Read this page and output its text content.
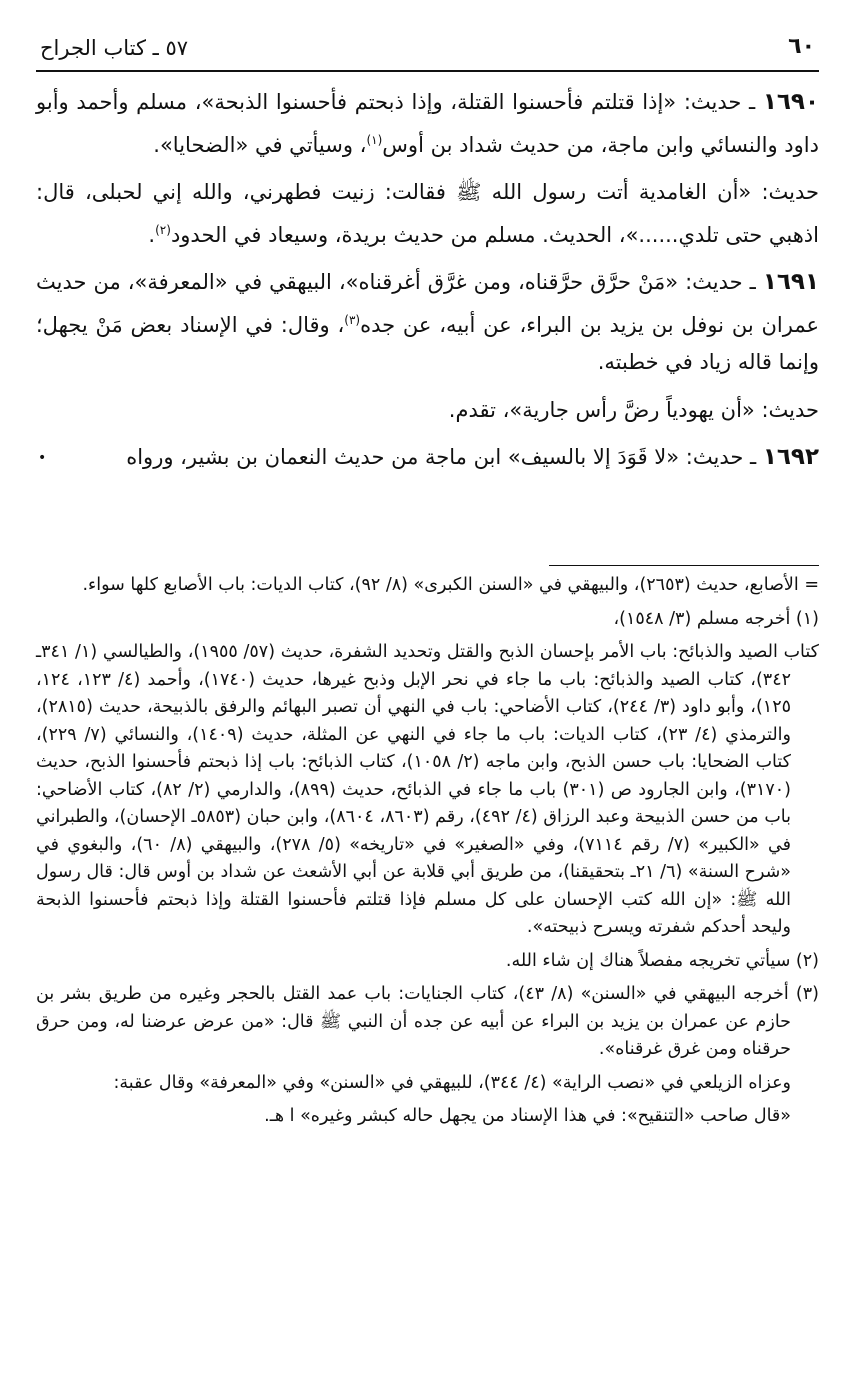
٦٠
٥٧ ـ كتاب الجراح

١٦٩٠ ـ حديث: «إذا قتلتم فأحسنوا القتلة، وإذا ذبحتم فأحسنوا الذبحة»، مسلم وأحمد وأبو داود والنسائي وابن ماجة، من حديث شداد بن أوس$^{(١)}$، وسيأتي في «الضحايا».

حديث: «أن الغامدية أتت رسول الله ﷺ فقالت: زنيت فطهرني، والله إني لحبلى، قال: اذهبي حتى تلدي......»، الحديث. مسلم من حديث بريدة، وسيعاد في الحدود$^{(٢)}$.

١٦٩١ ـ حديث: «مَنْ حرَّق حرَّقناه، ومن غرَّق أغرقناه»، البيهقي في «المعرفة»، من حديث عمران بن نوفل بن يزيد بن البراء، عن أبيه، عن جده$^{(٣)}$، وقال: في الإسناد بعض مَنْ يجهل؛ وإنما قاله زياد في خطبته.

حديث: «أن يهودياً رضَّ رأس جارية»، تقدم.

١٦٩٢ ـ حديث: «لا قَوَدَ إلا بالسيف» ابن ماجة من حديث النعمان بن بشير، ورواه

•

= الأصابع، حديث (٢٦٥٣)، والبيهقي في «السنن الكبرى» (٨/ ٩٢)، كتاب الديات: باب الأصابع كلها سواء.

(١) أخرجه مسلم (٣/ ١٥٤٨)،

كتاب الصيد والذبائح: باب الأمر بإحسان الذبح والقتل وتحديد الشفرة، حديث (٥٧/ ١٩٥٥)، والطيالسي (١/ ٣٤١ـ ٣٤٢)، كتاب الصيد والذبائح: باب ما جاء في نحر الإبل وذبح غيرها، حديث (١٧٤٠)، وأحمد (٤/ ١٢٣، ١٢٤، ١٢٥)، وأبو داود (٣/ ٢٤٤)، كتاب الأضاحي: باب في النهي أن تصبر البهائم والرفق بالذبيحة، حديث (٢٨١٥)، والترمذي (٤/ ٢٣)، كتاب الديات: باب ما جاء في النهي عن المثلة، حديث (١٤٠٩)، والنسائي (٧/ ٢٢٩)، كتاب الضحايا: باب حسن الذبح، وابن ماجه (٢/ ١٠٥٨)، كتاب الذبائح: باب إذا ذبحتم فأحسنوا الذبح، حديث (٣١٧٠)، وابن الجارود ص (٣٠١) باب ما جاء في الذبائح، حديث (٨٩٩)، والدارمي (٢/ ٨٢)، كتاب الأضاحي: باب من حسن الذبيحة وعبد الرزاق (٤/ ٤٩٢)، رقم (٨٦٠٣، ٨٦٠٤)، وابن حبان (٥٨٥٣ـ الإحسان)، والطبراني في «الكبير» (٧/ رقم ٧١١٤)، وفي «الصغير» في «تاريخه» (٥/ ٢٧٨)، والبيهقي (٨/ ٦٠)، والبغوي في «شرح السنة» (٦/ ٢١ـ بتحقيقنا)، من طريق أبي قلابة عن أبي الأشعث عن شداد بن أوس قال: قال رسول الله ﷺ: «إن الله كتب الإحسان على كل مسلم فإذا قتلتم فأحسنوا القتلة وإذا ذبحتم فأحسنوا الذبحة وليحد أحدكم شفرته ويسرح ذبيحته».

(٢) سيأتي تخريجه مفصلاً هناك إن شاء الله.

(٣) أخرجه البيهقي في «السنن» (٨/ ٤٣)، كتاب الجنايات: باب عمد القتل بالحجر وغيره من طريق بشر بن حازم عن عمران بن يزيد بن البراء عن أبيه عن جده أن النبي ﷺ قال: «من عرض عرضنا له، ومن حرق حرقناه ومن غرق غرقناه».

وعزاه الزيلعي في «نصب الراية» (٤/ ٣٤٤)، للبيهقي في «السنن» وفي «المعرفة» وقال عقبة:

«قال صاحب «التنقيح»: في هذا الإسناد من يجهل حاله كبشر وغيره» ا هـ.
